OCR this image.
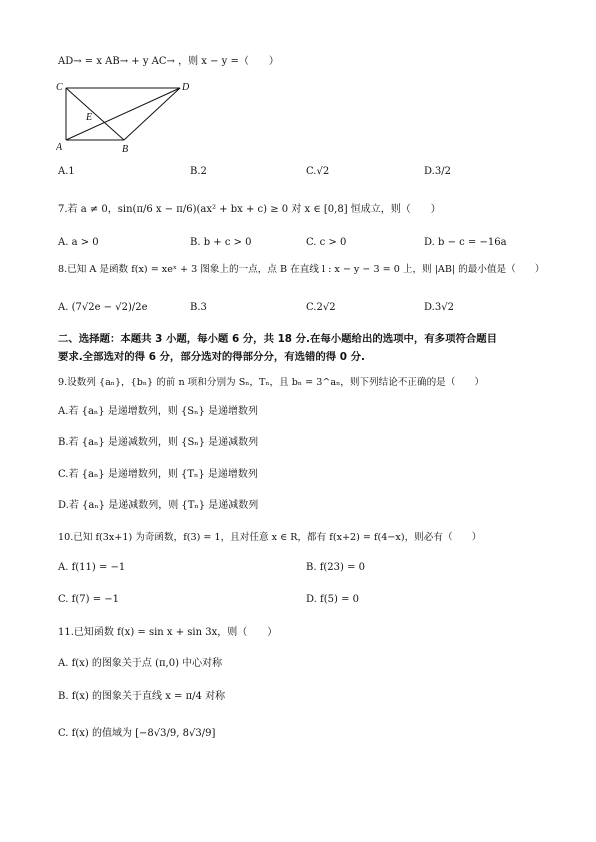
AD→ = x AB→ + y AC→ ，则 x − y =（　　）
C
E
D
A	B
A.1	B.2	C.√2	D.3/2
7.若 a ≠ 0，sin(π/6 x − π/6)(ax² + bx + c) ≥ 0 对 x ∈ [0,8] 恒成立，则（　　）
A. a > 0	B. b + c > 0	C. c > 0	D. b − c = −16a
8.已知 A 是函数 f(x) = xeˣ + 3 图象上的一点，点 B 在直线 l : x − y − 3 = 0 上，则 |AB| 的最小值是（　　）
A. (7√2e − √2)/2e	B.3	C.2√2	D.3√2
二、选择题：本题共 3 小题，每小题 6 分，共 18 分.在每小题给出的选项中，有多项符合题目
要求.全部选对的得 6 分，部分选对的得部分分，有选错的得 0 分.
9.设数列 {aₙ}，{bₙ} 的前 n 项和分别为 Sₙ，Tₙ，且 bₙ = 3^aₙ，则下列结论不正确的是（　　）
A.若 {aₙ} 是递增数列，则 {Sₙ} 是递增数列
B.若 {aₙ} 是递减数列，则 {Sₙ} 是递减数列
C.若 {aₙ} 是递增数列，则 {Tₙ} 是递增数列
D.若 {aₙ} 是递减数列，则 {Tₙ} 是递减数列
10.已知 f(3x+1) 为奇函数，f(3) = 1，且对任意 x ∈ R，都有 f(x+2) = f(4−x)，则必有（　　）
A. f(11) = −1	B. f(23) = 0
C. f(7) = −1	D. f(5) = 0
11.已知函数 f(x) = sin x + sin 3x，则（　　）
A. f(x) 的图象关于点 (π,0) 中心对称
B. f(x) 的图象关于直线 x = π/4 对称
C. f(x) 的值域为 [−8√3/9, 8√3/9]
